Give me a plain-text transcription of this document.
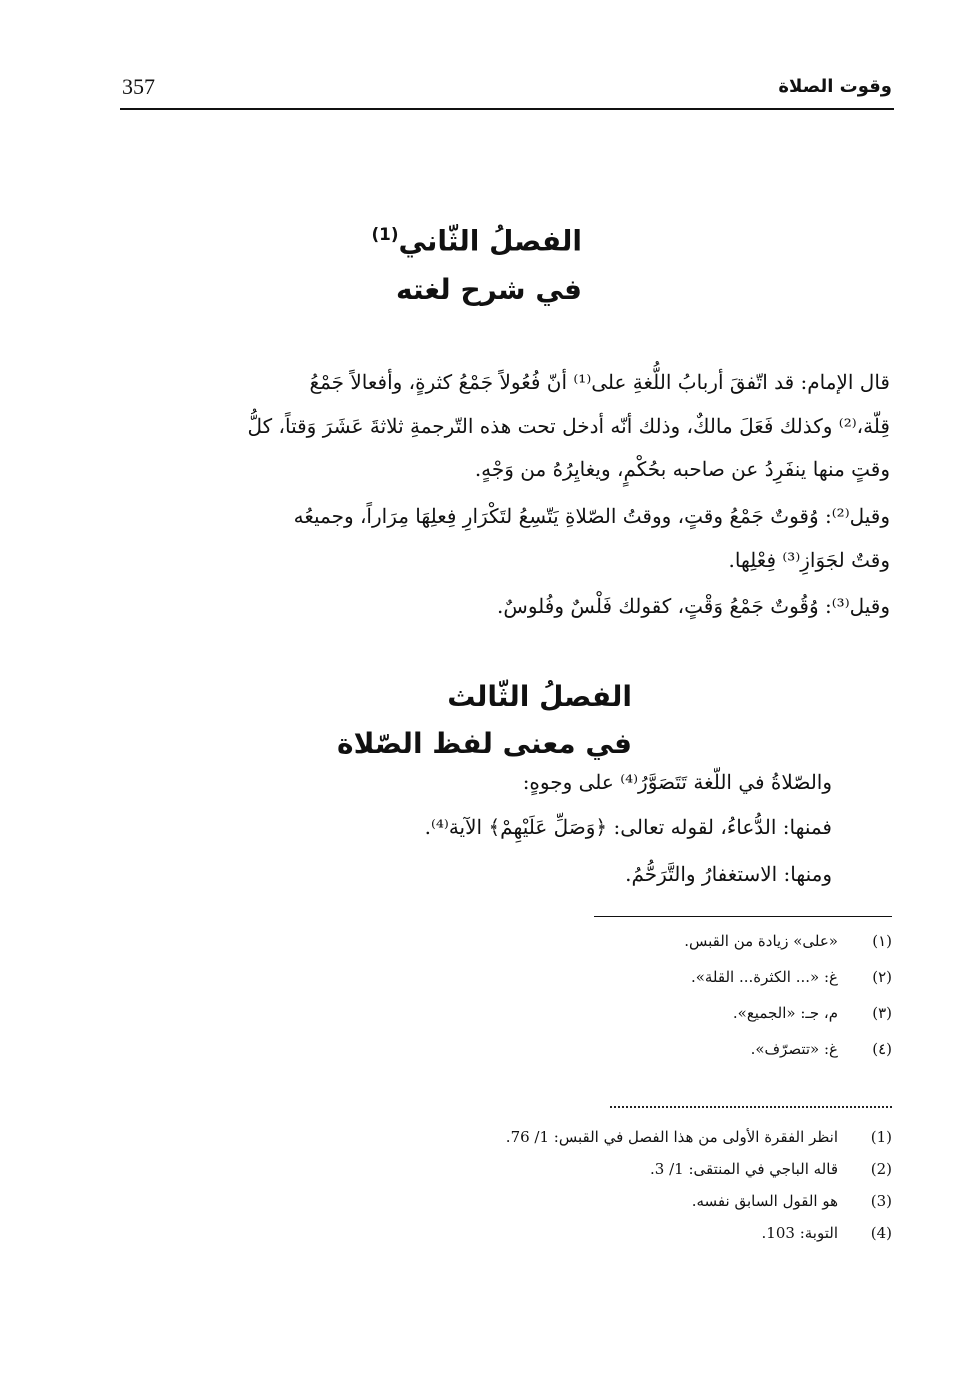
357	وقوت الصلاة
الفصلُ الثّاني$^{(1)}$
في شرح لغته
قال الإمام: قد اتّفقَ أربابُ اللُّغةِ على⁽¹⁾ أنّ فُعُولاً جَمْعُ كثرةٍ، وأفعالاً جَمْعُ
قِلّة،⁽²⁾ وكذلك فَعَلَ مالكٌ، وذلك أنّه أدخل تحت هذه التّرجمةِ ثلاثةَ عَشَرَ وَقتاً، كلُّ
وقتٍ منها ينفَرِدُ عن صاحبه بحُكْمٍ، ويغايِرُهُ من وَجْهٍ.
وقيل⁽²⁾: وُقوتٌ جَمْعُ وقتٍ، ووقتُ الصّلاةِ يَتّسِعُ لتَكْرَارِ فِعلِهَا مِرَاراً، وجميعُه
وقتٌ لجَوَازِ⁽³⁾ فِعْلِها.
وقيل⁽³⁾: وُقُوتٌ جَمْعُ وَقْتٍ، كقولك فَلْسٌ وفُلوسٌ.
الفصلُ الثّالث
في معنى لفظ الصّلاة
والصّلاةُ في اللّغة تَتَصَوَّرُ⁽⁴⁾ على وجوهٍ:
فمنها: الدُّعاءُ، لقوله تعالى: ﴿وَصَلِّ عَلَيْهِمْ﴾ الآية⁽⁴⁾.
ومنها: الاستغفارُ والتَّرَحُّمُ.
(١)
«على» زيادة من القبس.
(٢)
غ: «... الكثرة... القلة».
(٣)
م، جـ: «الجميع».
(٤)
غ: «تتصرّف».
(1)
انظر الفقرة الأولى من هذا الفصل في القبس: 1/ 76.
(2)
قاله الباجي في المنتقى: 1/ 3.
(3)
هو القول السابق نفسه.
(4)
التوبة: 103.
